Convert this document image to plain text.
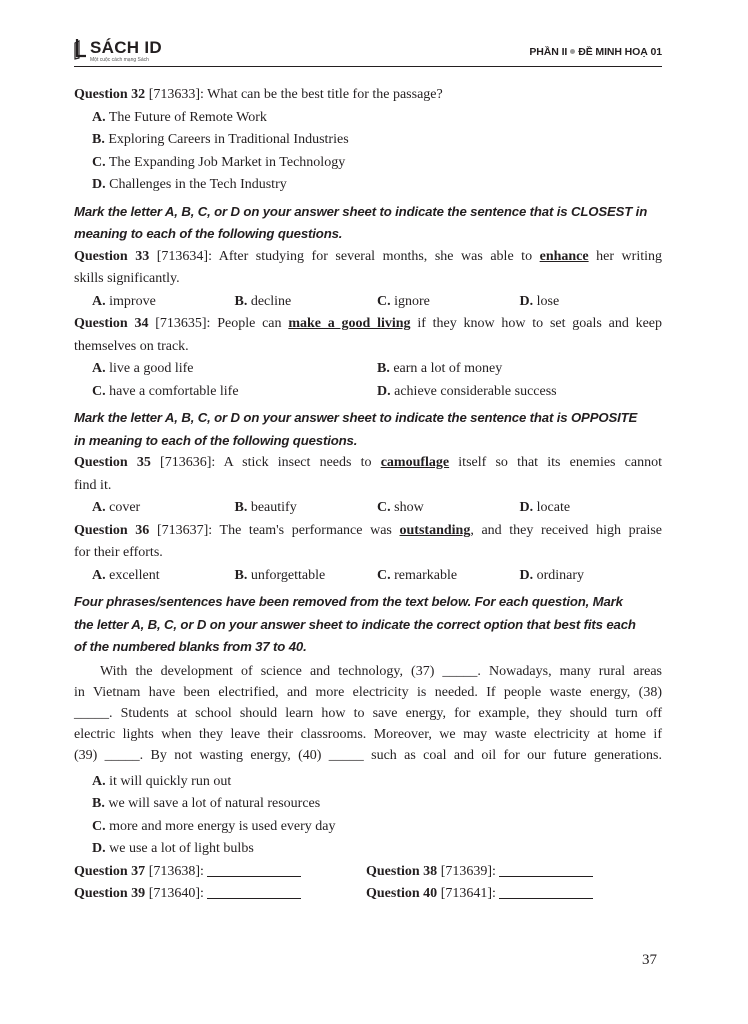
SÁCH ID
Một cuộc cách mạng Sách
PHẦN II ĐỀ MINH HOẠ 01
Question 32 [713633]: What can be the best title for the passage?
A. The Future of Remote Work
B. Exploring Careers in Traditional Industries
C. The Expanding Job Market in Technology
D. Challenges in the Tech Industry
Mark the letter A, B, C, or D on your answer sheet to indicate the sentence that is CLOSEST in
meaning to each of the following questions.
Question 33 [713634]: After studying for several months, she was able to enhance her writing
skills significantly.
A. improve	B. decline	C. ignore	D. lose
Question 34 [713635]: People can make a good living if they know how to set goals and keep
themselves on track.
A. live a good life	B. earn a lot of money
C. have a comfortable life	D. achieve considerable success
Mark the letter A, B, C, or D on your answer sheet to indicate the sentence that is OPPOSITE
in meaning to each of the following questions.
Question 35 [713636]: A stick insect needs to camouflage itself so that its enemies cannot
find it.
A. cover	B. beautify	C. show	D. locate
Question 36 [713637]: The team's performance was outstanding, and they received high praise
for their efforts.
A. excellent	B. unforgettable	C. remarkable	D. ordinary
Four phrases/sentences have been removed from the text below. For each question, Mark
the letter A, B, C, or D on your answer sheet to indicate the correct option that best fits each
of the numbered blanks from 37 to 40.
With the development of science and technology, (37) _____. Nowadays, many rural areas
in Vietnam have been electrified, and more electricity is needed. If people waste energy, (38)
_____. Students at school should learn how to save energy, for example, they should turn off
electric lights when they leave their classrooms. Moreover, we may waste electricity at home if
(39) _____. By not wasting energy, (40) _____ such as coal and oil for our future generations.
A. it will quickly run out
B. we will save a lot of natural resources
C. more and more energy is used every day
D. we use a lot of light bulbs
Question 37 [713638]:	Question 38 [713639]:
Question 39 [713640]:	Question 40 [713641]:
37
